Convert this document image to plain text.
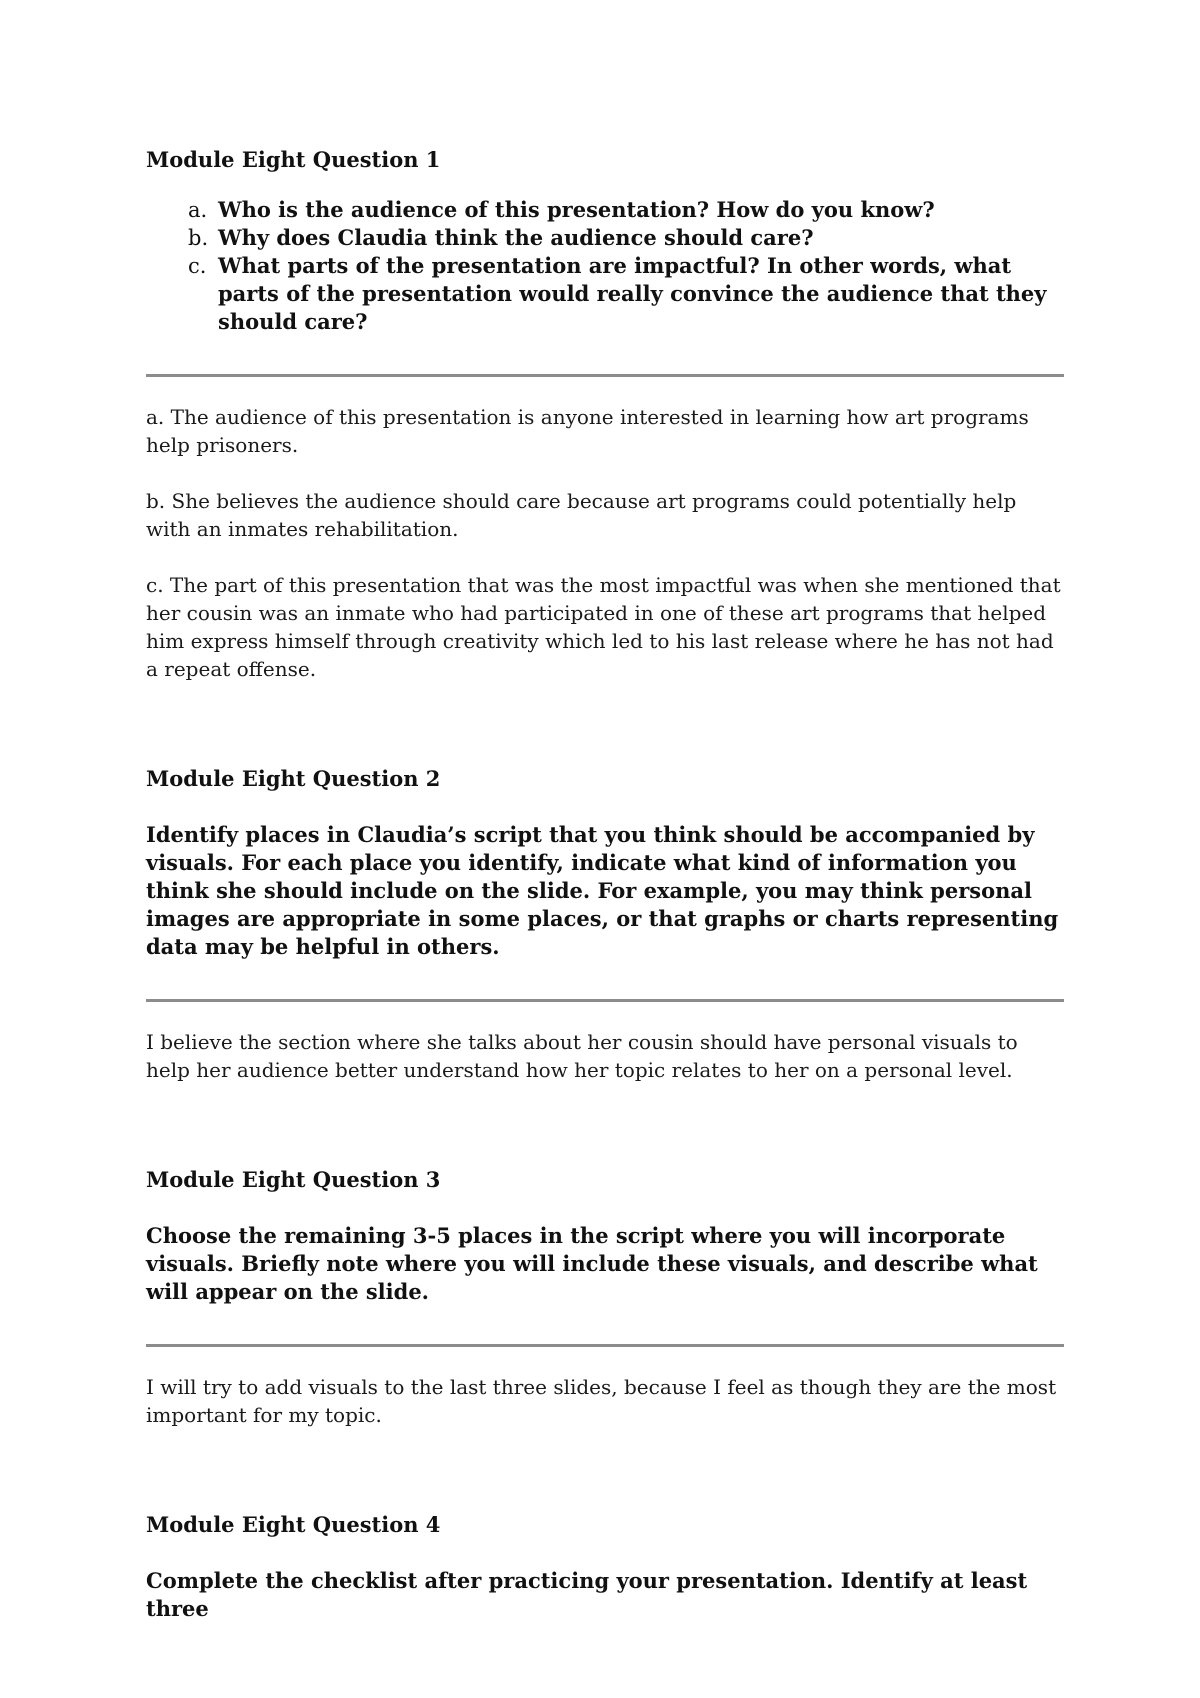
Module Eight Question 1
a. Who is the audience of this presentation? How do you know?
b. Why does Claudia think the audience should care?
c. What parts of the presentation are impactful? In other words, what parts of the presentation would really convince the audience that they should care?

a. The audience of this presentation is anyone interested in learning how art programs help prisoners.

b. She believes the audience should care because art programs could potentially help with an inmates rehabilitation.

c. The part of this presentation that was the most impactful was when she mentioned that her cousin was an inmate who had participated in one of these art programs that helped him express himself through creativity which led to his last release where he has not had a repeat offense.

Module Eight Question 2

Identify places in Claudia’s script that you think should be accompanied by visuals. For each place you identify, indicate what kind of information you think she should include on the slide. For example, you may think personal images are appropriate in some places, or that graphs or charts representing data may be helpful in others.

I believe the section where she talks about her cousin should have personal visuals to help her audience better understand how her topic relates to her on a personal level.

Module Eight Question 3

Choose the remaining 3-5 places in the script where you will incorporate visuals. Briefly note where you will include these visuals, and describe what will appear on the slide.

I will try to add visuals to the last three slides, because I feel as though they are the most important for my topic.

Module Eight Question 4

Complete the checklist after practicing your presentation. Identify at least three
